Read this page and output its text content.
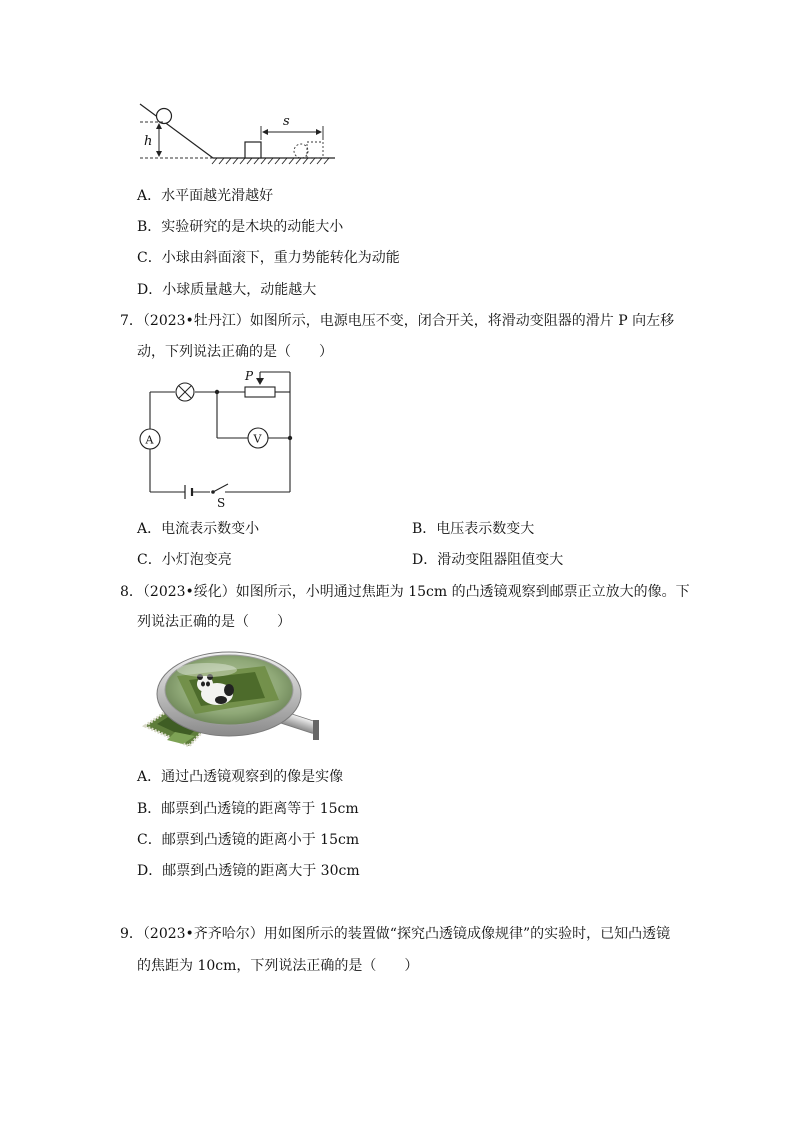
h
s
A．水平面越光滑越好
B．实验研究的是木块的动能大小
C．小球由斜面滚下，重力势能转化为动能
D．小球质量越大，动能越大
7．（2023•牡丹江）如图所示，电源电压不变，闭合开关，将滑动变阻器的滑片 P 向左移
动，下列说法正确的是（　　）
P
A	V
S
A．电流表示数变小	B．电压表示数变大
C．小灯泡变亮	D．滑动变阻器阻值变大
8．（2023•绥化）如图所示，小明通过焦距为 15cm 的凸透镜观察到邮票正立放大的像。下
列说法正确的是（　　）
A．通过凸透镜观察到的像是实像
B．邮票到凸透镜的距离等于 15cm
C．邮票到凸透镜的距离小于 15cm
D．邮票到凸透镜的距离大于 30cm
9．（2023•齐齐哈尔）用如图所示的装置做“探究凸透镜成像规律”的实验时，已知凸透镜
的焦距为 10cm，下列说法正确的是（　　）
